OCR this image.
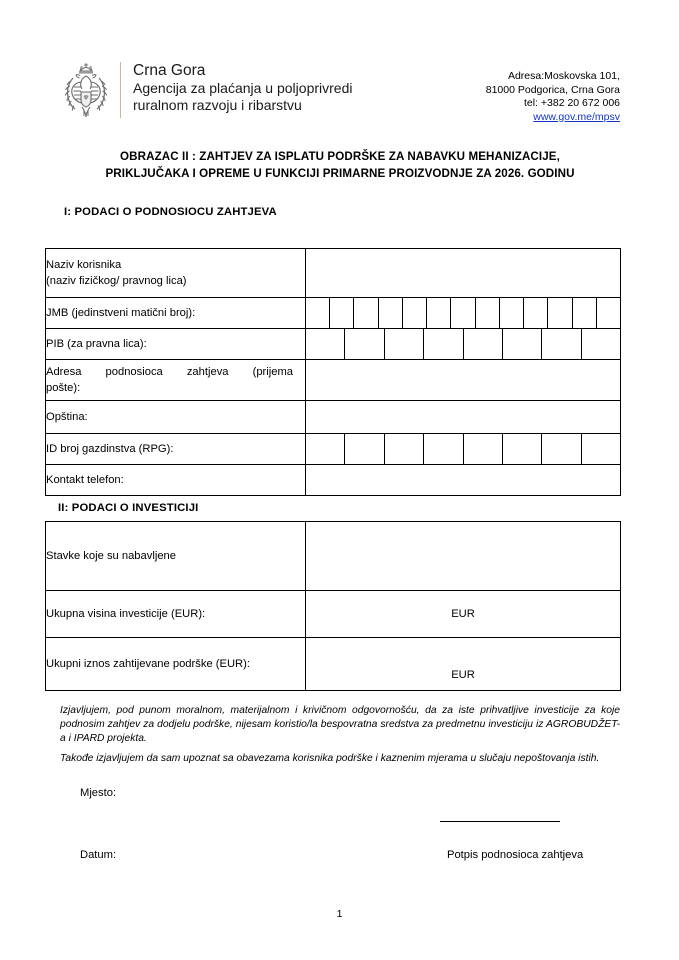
Crna Gora
Agencija za plaćanja u poljoprivredi
ruralnom razvoju i ribarstvu
Adresa:Moskovska 101,
81000 Podgorica, Crna Gora
tel: +382 20 672 006
www.gov.me/mpsv
OBRAZAC II : ZAHTJEV ZA ISPLATU PODRŠKE ZA NABAVKU MEHANIZACIJE,
PRIKLJUČAKA I OPREME U FUNKCIJI PRIMARNE PROIZVODNJE ZA 2026. GODINU
I: PODACI O PODNOSIOCU ZAHTJEVA
Naziv korisnika
(naziv fizičkog/ pravnog lica)	

JMB (jedinstveni matični broj):	

PIB (za pravna lica):	

Adresa podnosioca zahtjeva (prijema
pošte):	

Opština:	

ID broj gazdinstva (RPG):	

Kontakt telefon:	
II: PODACI O INVESTICIJI
Stavke koje su nabavljene	

Ukupna visina investicije (EUR):	EUR
Ukupni iznos zahtijevane podrške (EUR):	EUR
Izjavljujem, pod punom moralnom, materijalnom i krivičnom odgovornošću, da za iste prihvatljive investicije za koje podnosim zahtjev za dodjelu podrške, nijesam koristio/la bespovratna sredstva za predmetnu investiciju iz AGROBUDŽET-a i IPARD projekta.
Takođe izjavljujem da sam upoznat sa obavezama korisnika podrške i kaznenim mjerama u slučaju nepoštovanja istih.
Mjesto:
Datum:	Potpis podnosioca zahtjeva
1
